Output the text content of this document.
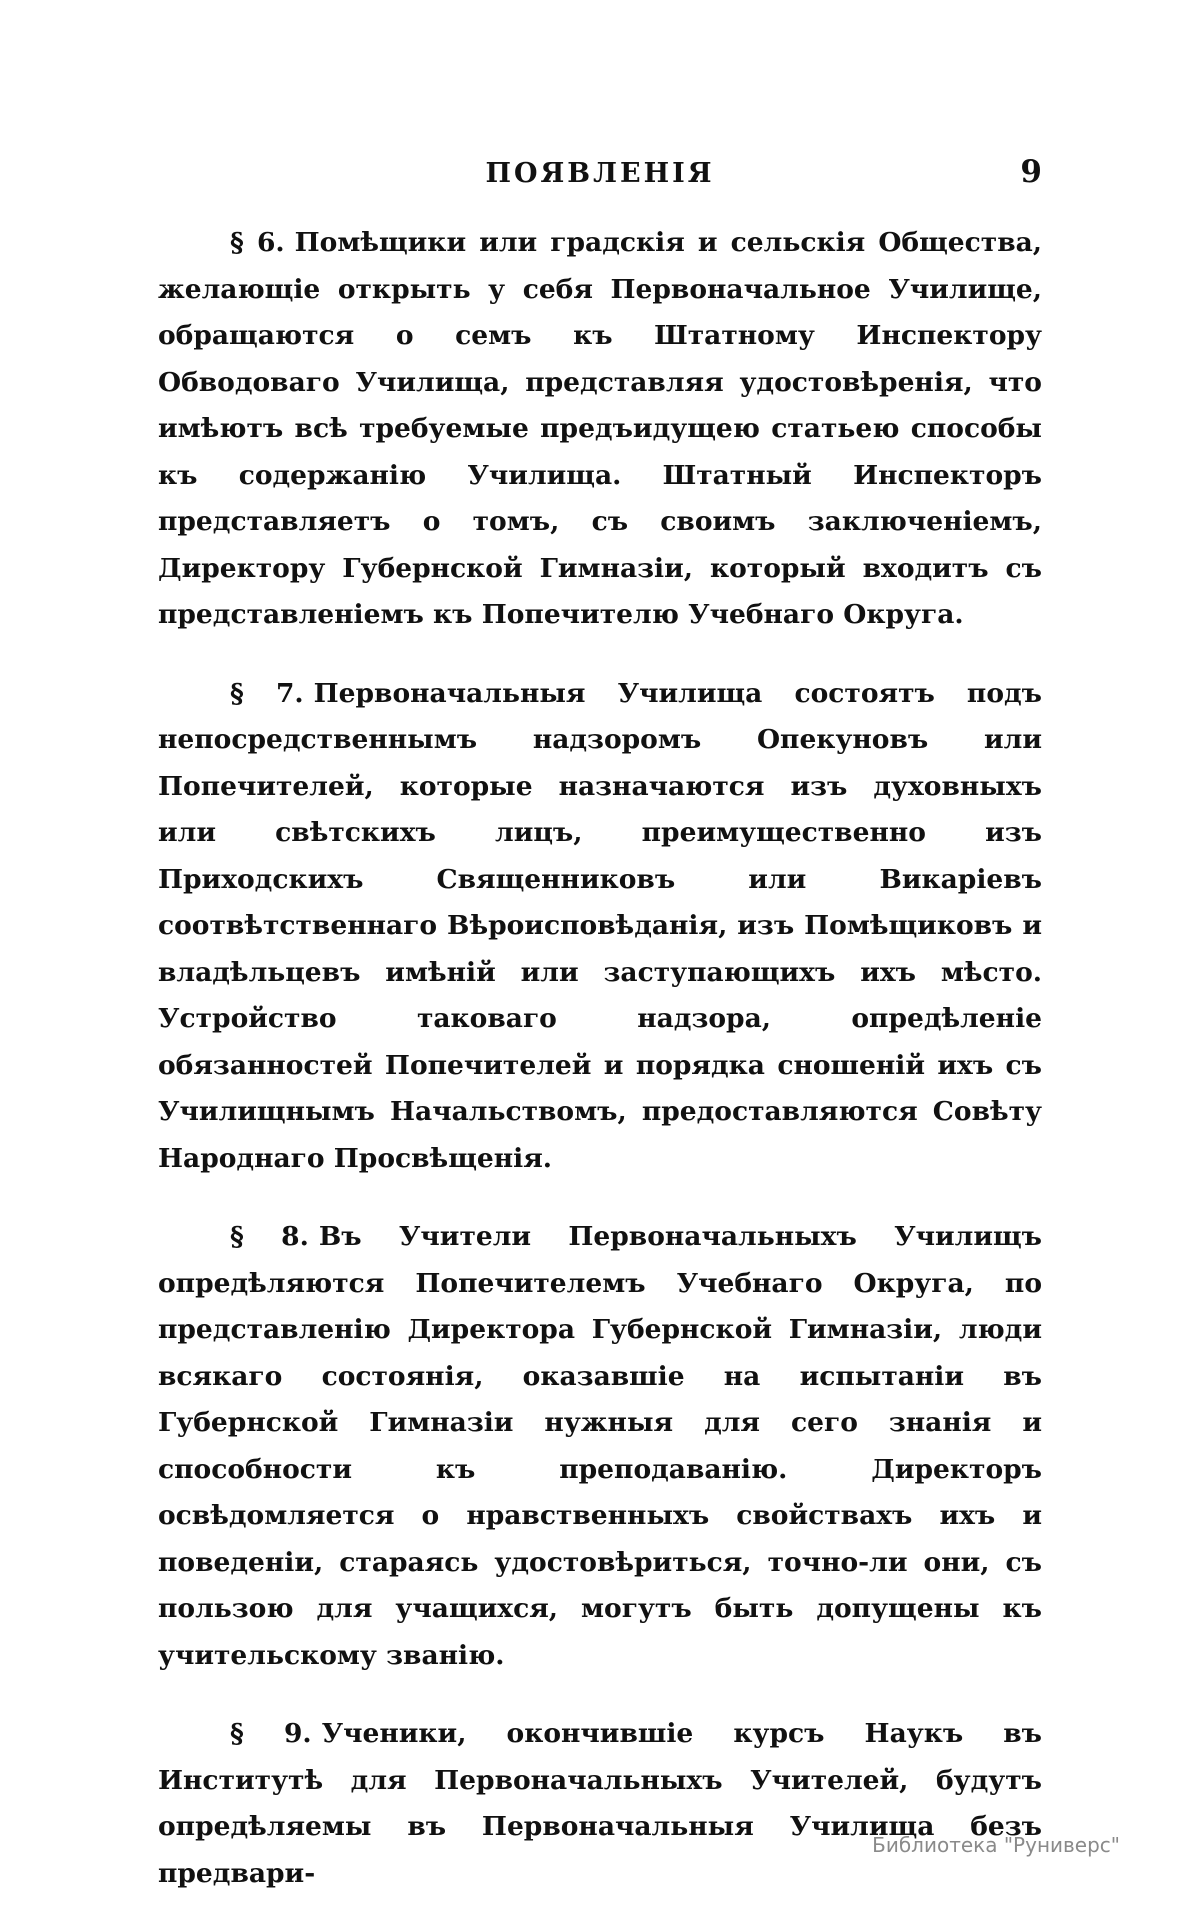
ПОЯВЛЕНІЯ	9

§ 6. Помѣщики или градскія и сельскія Общества, желающіе открыть у себя Первоначальное Училище, обращаются о семъ къ Штатному Инспектору Обводоваго Училища, представляя удостовѣренія, что имѣютъ всѣ требуемые предъидущею статьею способы къ содержанію Училища. Штатный Инспекторъ представляетъ о томъ, съ своимъ заключеніемъ, Директору Губернской Гимназіи, который входитъ съ представленіемъ къ Попечителю Учебнаго Округа.

§ 7. Первоначальныя Училища состоятъ подъ непосредственнымъ надзоромъ Опекуновъ или Попечителей, которые назначаются изъ духовныхъ или свѣтскихъ лицъ, преимущественно изъ Приходскихъ Священниковъ или Викаріевъ соотвѣтственнаго Вѣроисповѣданія, изъ Помѣщиковъ и владѣльцевъ имѣній или заступающихъ ихъ мѣсто. Устройство таковаго надзора, опредѣленіе обязанностей Попечителей и порядка сношеній ихъ съ Училищнымъ Начальствомъ, предоставляются Совѣту Народнаго Просвѣщенія.

§ 8. Въ Учители Первоначальныхъ Училищъ опредѣляются Попечителемъ Учебнаго Округа, по представленію Директора Губернской Гимназіи, люди всякаго состоянія, оказавшіе на испытаніи въ Губернской Гимназіи нужныя для сего знанія и способности къ преподаванію. Директоръ освѣдомляется о нравственныхъ свойствахъ ихъ и поведеніи, стараясь удостовѣриться, точно-ли они, съ пользою для учащихся, могутъ быть допущены къ учительскому званію.

§ 9. Ученики, окончившіе курсъ Наукъ въ Институтѣ для Первоначальныхъ Учителей, будутъ опредѣляемы въ Первоначальныя Училища безъ предвари-

Библиотека "Руниверс"
